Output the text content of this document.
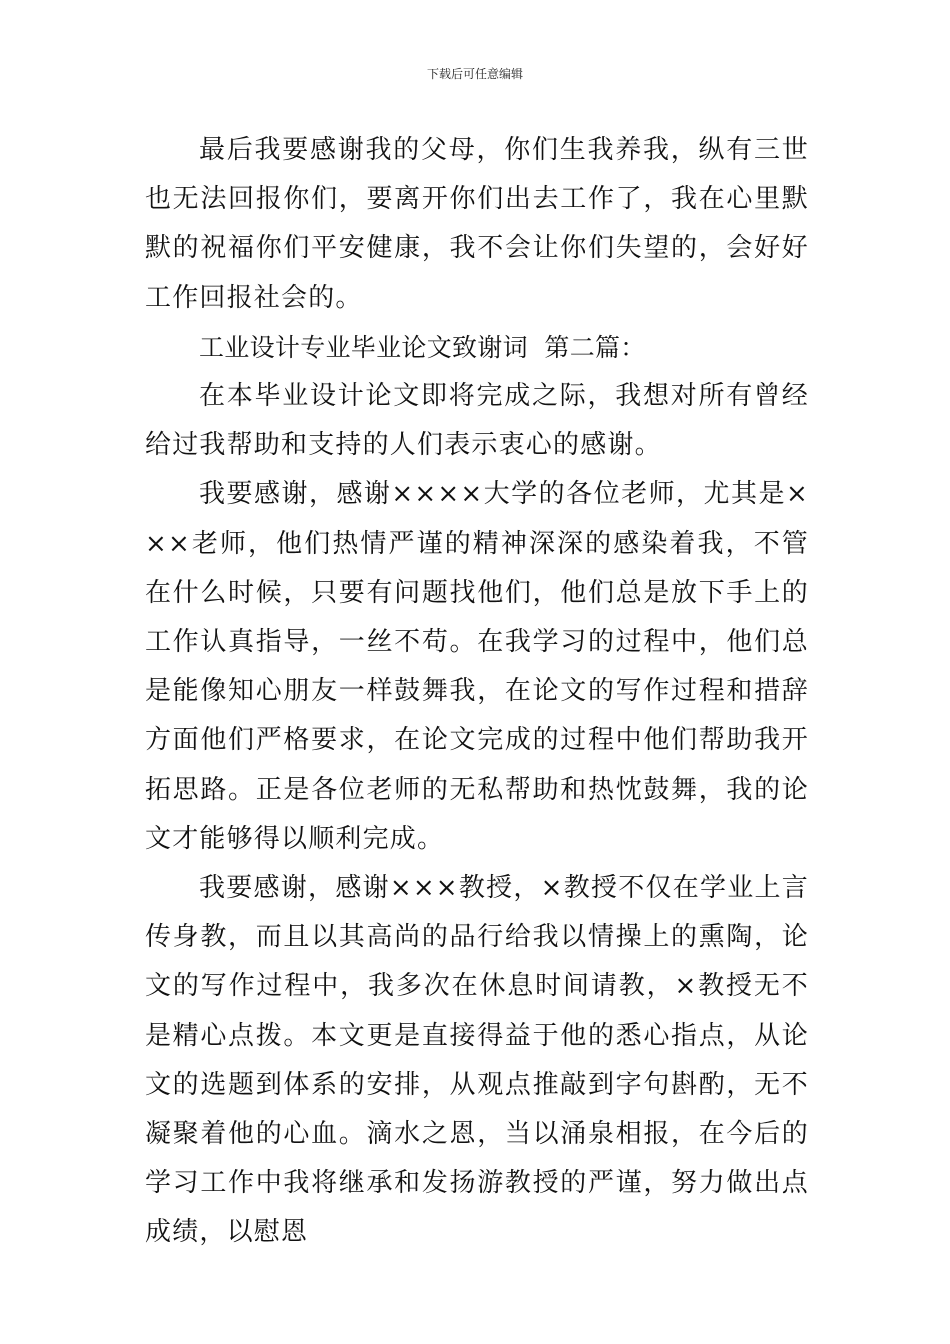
下载后可任意编辑

最后我要感谢我的父母，你们生我养我，纵有三世也无法回报你们，要离开你们出去工作了，我在心里默默的祝福你们平安健康，我不会让你们失望的，会好好工作回报社会的。

工业设计专业毕业论文致谢词  第二篇：

在本毕业设计论文即将完成之际，我想对所有曾经给过我帮助和支持的人们表示衷心的感谢。

我要感谢，感谢××××大学的各位老师，尤其是×××老师，他们热情严谨的精神深深的感染着我，不管在什么时候，只要有问题找他们，他们总是放下手上的工作认真指导，一丝不苟。在我学习的过程中，他们总是能像知心朋友一样鼓舞我，在论文的写作过程和措辞方面他们严格要求，在论文完成的过程中他们帮助我开拓思路。正是各位老师的无私帮助和热忱鼓舞，我的论文才能够得以顺利完成。

我要感谢，感谢×××教授，×教授不仅在学业上言传身教，而且以其高尚的品行给我以情操上的熏陶，论文的写作过程中，我多次在休息时间请教，×教授无不是精心点拨。本文更是直接得益于他的悉心指点，从论文的选题到体系的安排，从观点推敲到字句斟酌，无不凝聚着他的心血。滴水之恩，当以涌泉相报，在今后的学习工作中我将继承和发扬游教授的严谨，努力做出点成绩，以慰恩
